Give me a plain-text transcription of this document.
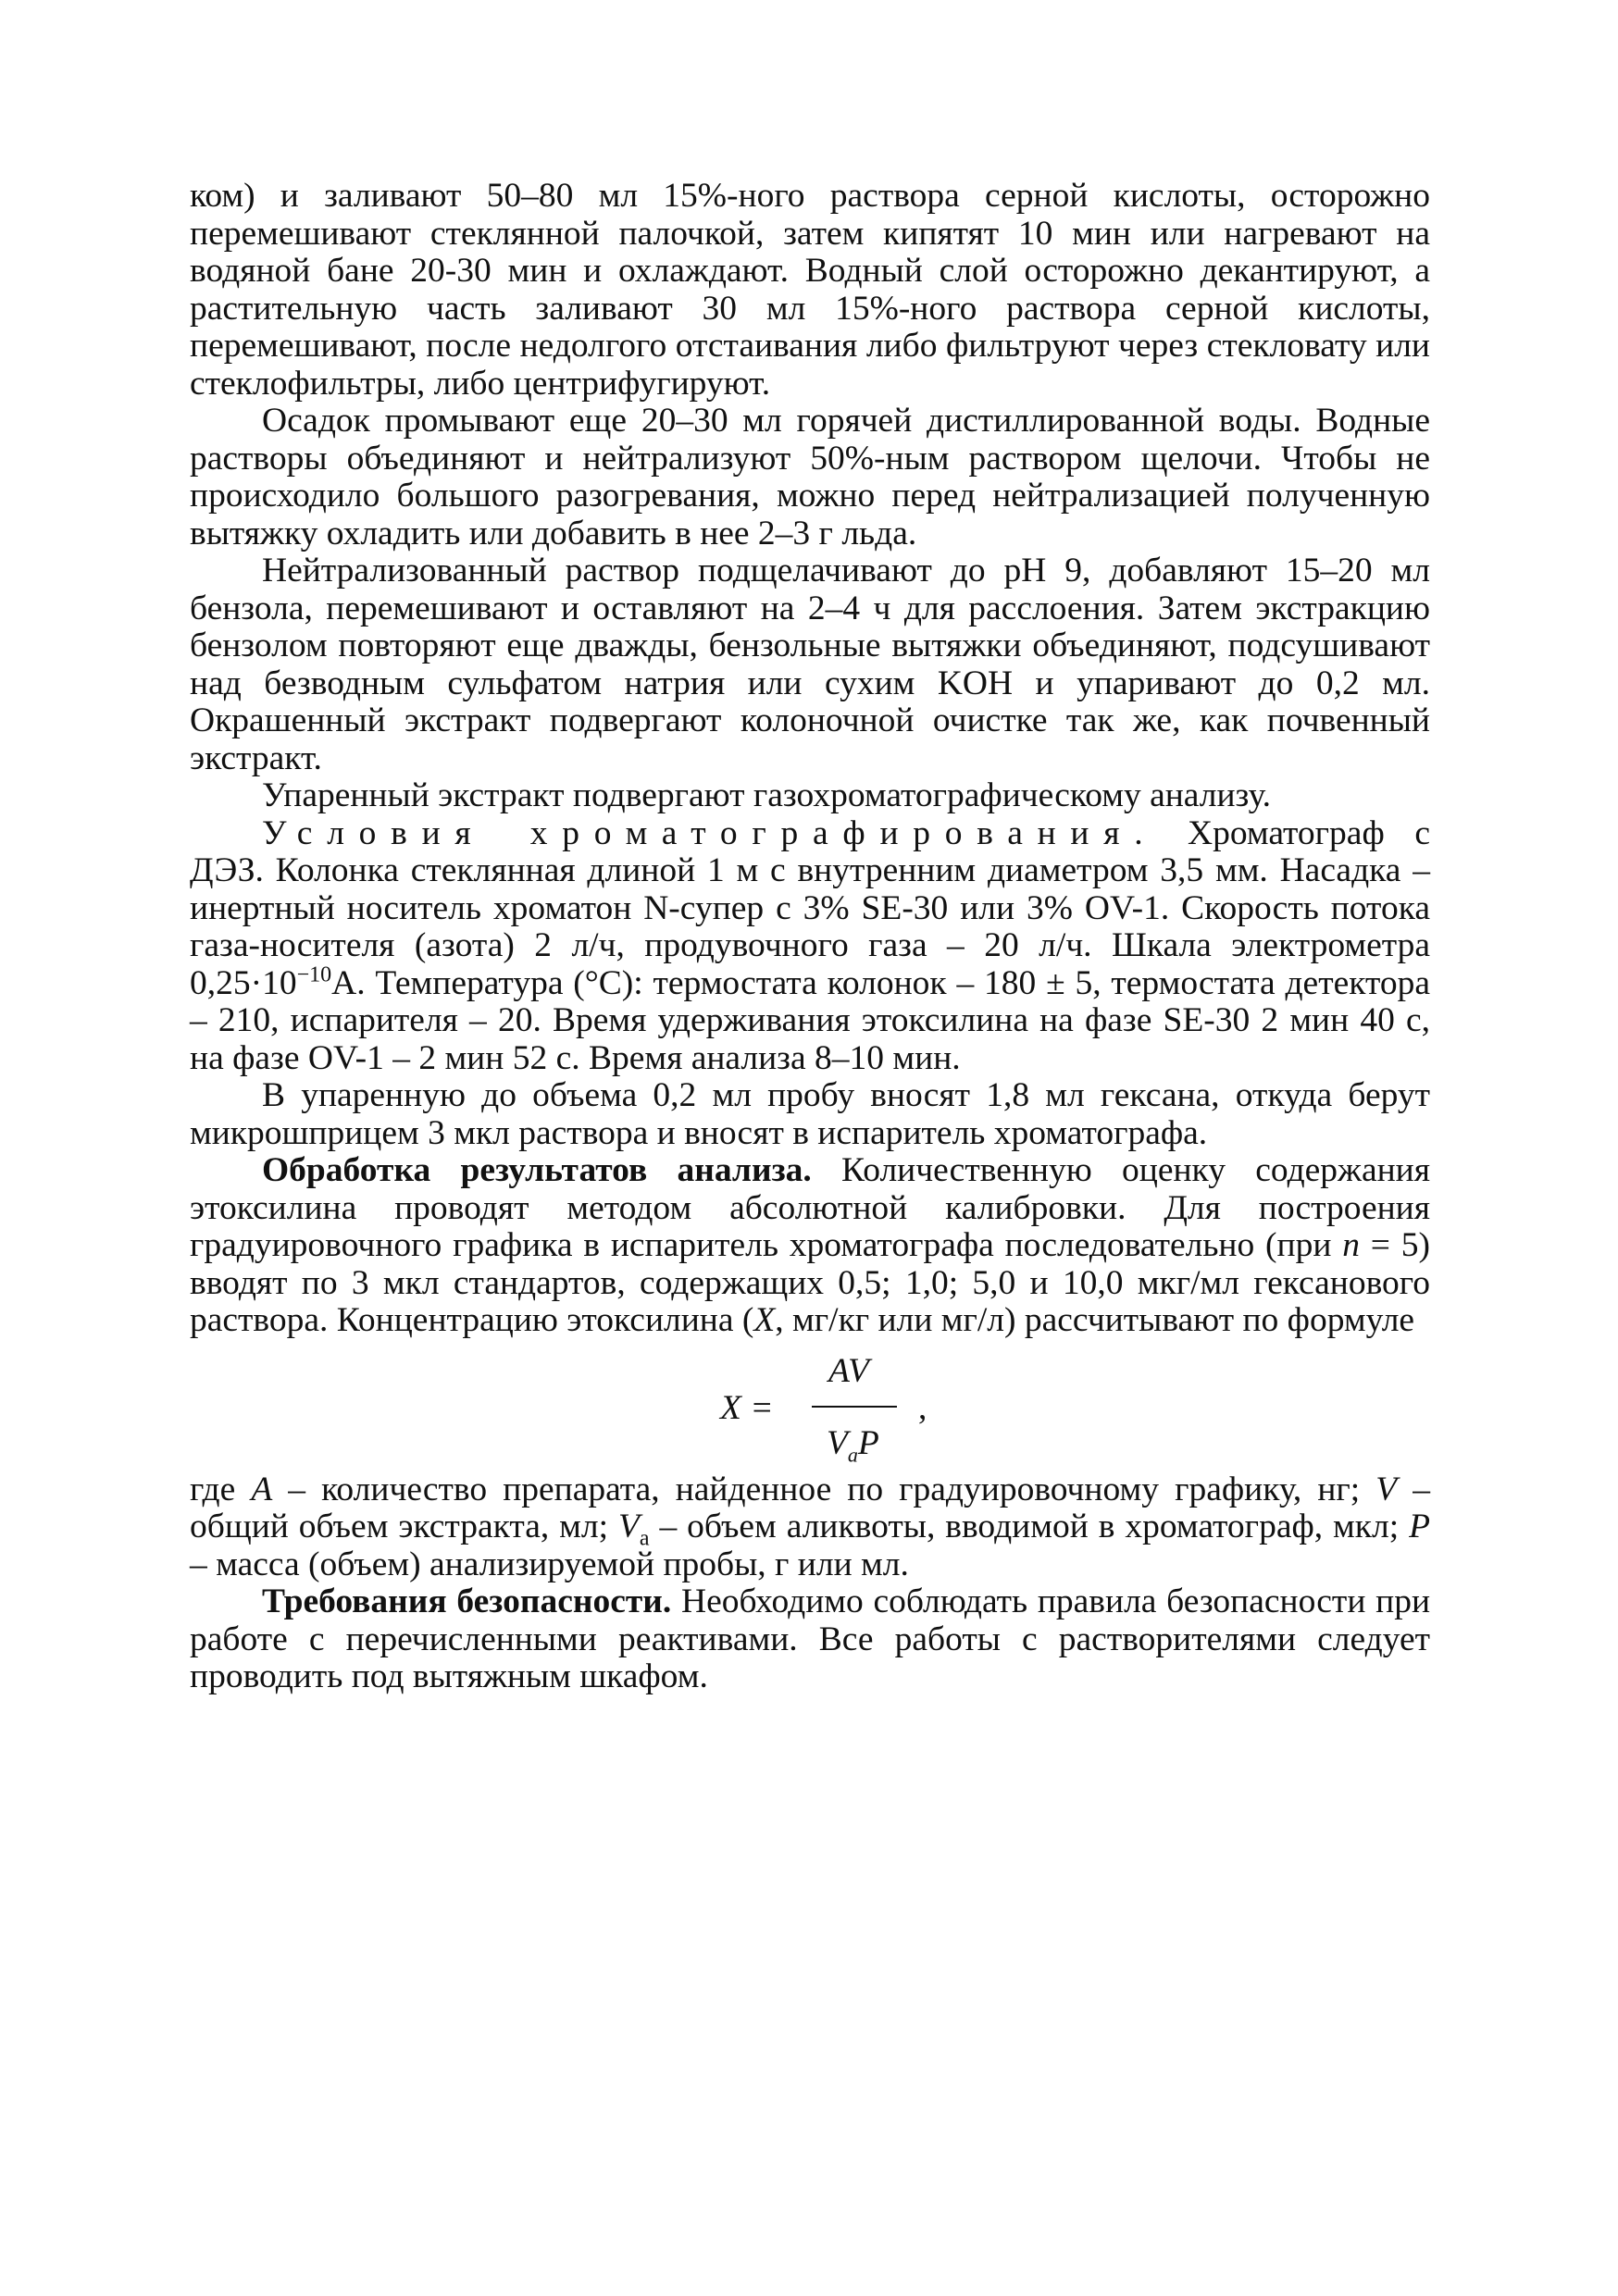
ком) и заливают 50–80 мл 15%-ного раствора серной кислоты, осторожно перемешивают стеклянной палочкой, затем кипятят 10 мин или нагревают на водяной бане 20-30 мин и охлаждают. Водный слой осторожно декантируют, а растительную часть заливают 30 мл 15%-ного раствора серной кислоты, перемешивают, после недолгого отстаивания либо фильтруют через стекловату или стеклофильтры, либо центрифугируют.

Осадок промывают еще 20–30 мл горячей дистиллированной воды. Водные растворы объединяют и нейтрализуют 50%-ным раствором щелочи. Чтобы не происходило большого разогревания, можно перед нейтрализацией полученную вытяжку охладить или добавить в нее 2–3 г льда.

Нейтрализованный раствор подщелачивают до pH 9, добавляют 15–20 мл бензола, перемешивают и оставляют на 2–4 ч для расслоения. Затем экстракцию бензолом повторяют еще дважды, бензольные вытяжки объединяют, подсушивают над безводным сульфатом натрия или сухим KOH и упаривают до 0,2 мл. Окрашенный экстракт подвергают колоночной очистке так же, как почвенный экстракт.

Упаренный экстракт подвергают газохроматографическому анализу.

Условия хроматографирования. Хроматограф с ДЭЗ. Колонка стеклянная длиной 1 м с внутренним диаметром 3,5 мм. Насадка – инертный носитель хроматон N-супер с 3% SE-30 или 3% OV-1. Скорость потока газа-носителя (азота) 2 л/ч, продувочного газа – 20 л/ч. Шкала электрометра $0,25\cdot 10^{-10}A$. Температура (°C): термостата колонок – 180 ± 5, термостата детектора – 210, испарителя – 20. Время удерживания этоксилина на фазе SE-30 2 мин 40 с, на фазе OV-1 – 2 мин 52 с. Время анализа 8–10 мин.

В упаренную до объема 0,2 мл пробу вносят 1,8 мл гексана, откуда берут микрошприцем 3 мкл раствора и вносят в испаритель хроматографа.

Обработка результатов анализа. Количественную оценку содержания этоксилина проводят методом абсолютной калибровки. Для построения градуировочного графика в испаритель хроматографа последовательно (при n = 5) вводят по 3 мкл стандартов, содержащих 0,5; 1,0; 5,0 и 10,0 мкг/мл гексанового раствора. Концентрацию этоксилина (X, мг/кг или мг/л) рассчитывают по формуле

X =
AV
$V_aP$
,

где A – количество препарата, найденное по градуировочному графику, нг; V – общий объем экстракта, мл; $V_a$ – объем аликвоты, вводимой в хроматограф, мкл; P – масса (объем) анализируемой пробы, г или мл.

Требования безопасности. Необходимо соблюдать правила безопасности при работе с перечисленными реактивами. Все работы с растворителями следует проводить под вытяжным шкафом.
